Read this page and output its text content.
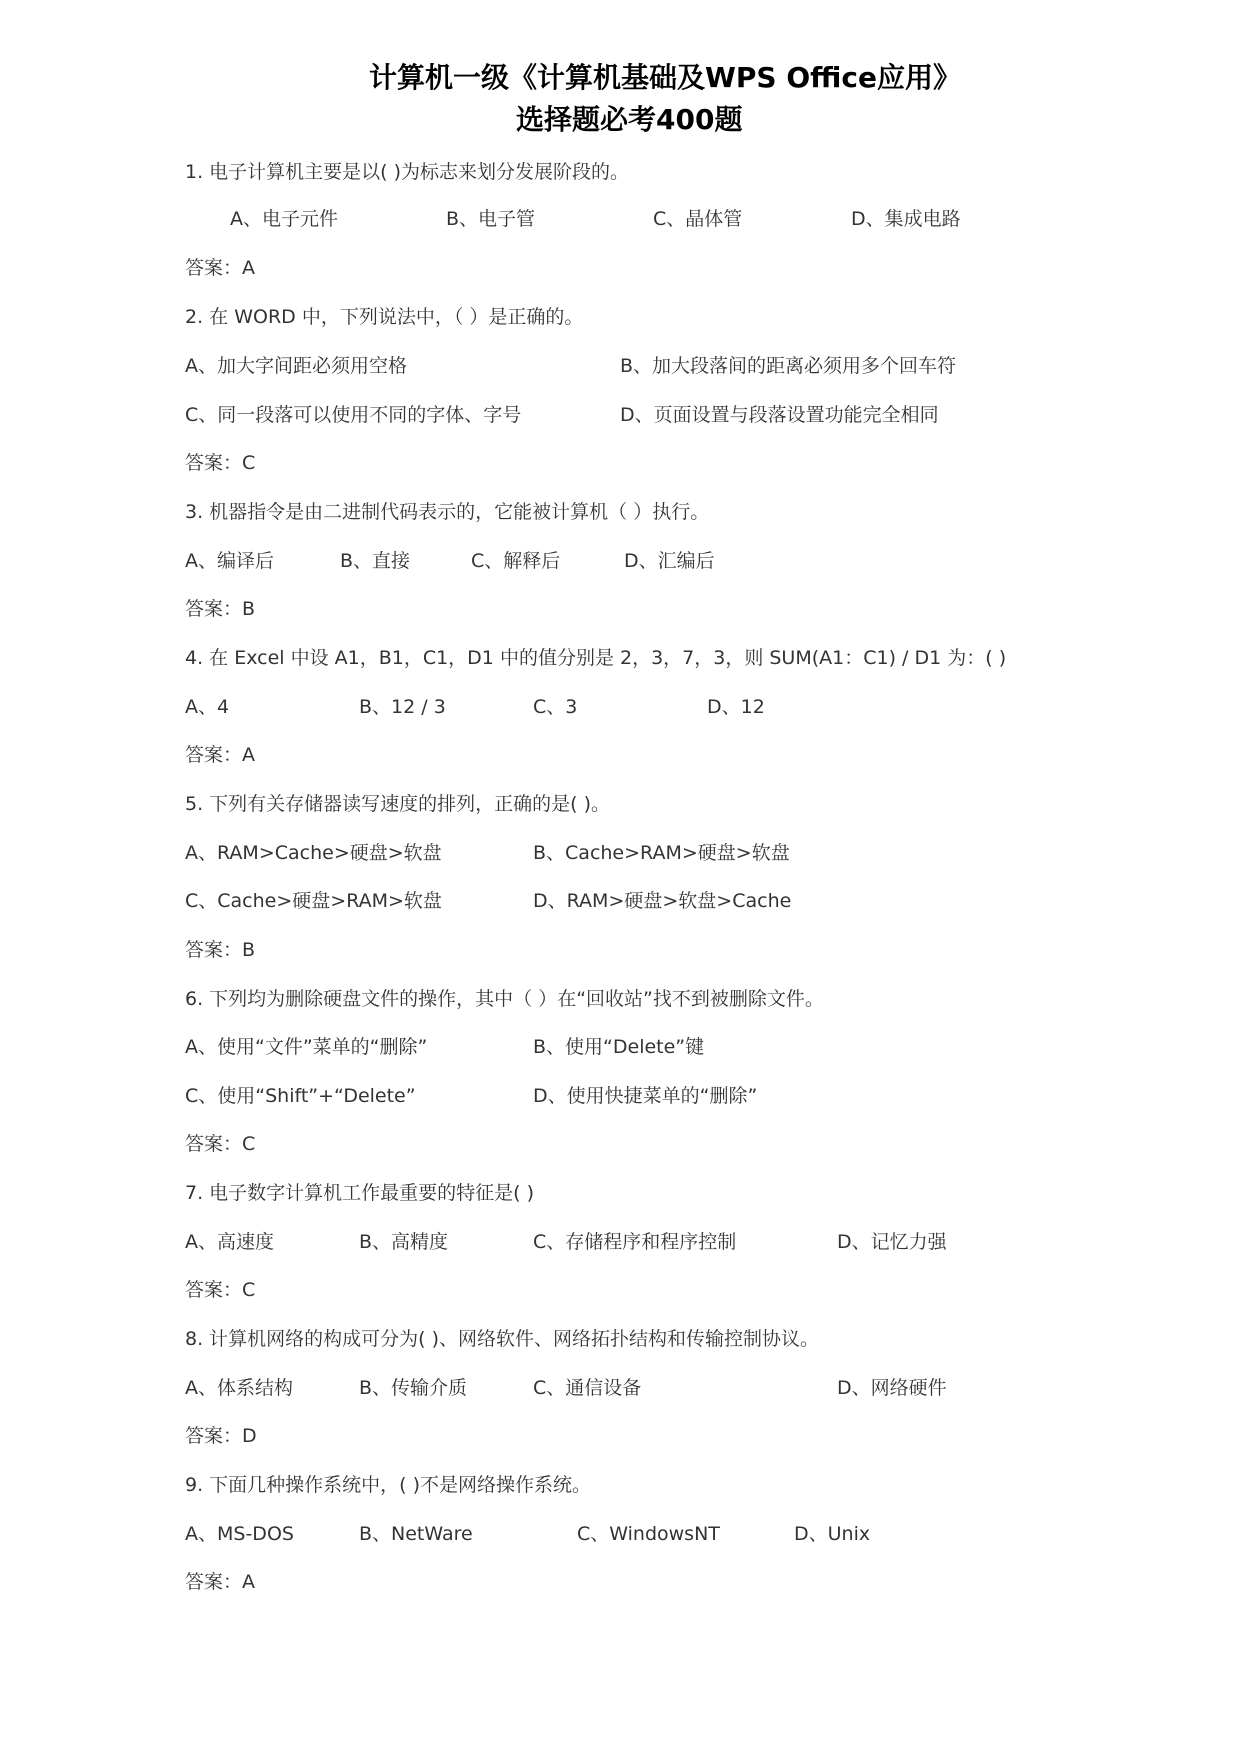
计算机一级《计算机基础及WPS Office应用》
选择题必考400题
1. 电子计算机主要是以( )为标志来划分发展阶段的。
A、电子元件	B、电子管	C、晶体管	D、集成电路
答案：A
2. 在 WORD 中，下列说法中，（ ）是正确的。
A、加大字间距必须用空格	B、加大段落间的距离必须用多个回车符
C、同一段落可以使用不同的字体、字号	D、页面设置与段落设置功能完全相同
答案：C
3. 机器指令是由二进制代码表示的，它能被计算机（ ）执行。
A、编译后	B、直接	C、解释后	D、汇编后
答案：B
4. 在 Excel 中设 A1，B1，C1，D1 中的值分别是 2，3，7，3，则 SUM(A1：C1) / D1 为：( )
A、4	B、12 / 3	C、3	D、12
答案：A
5. 下列有关存储器读写速度的排列，正确的是( )。
A、RAM>Cache>硬盘>软盘	B、Cache>RAM>硬盘>软盘
C、Cache>硬盘>RAM>软盘	D、RAM>硬盘>软盘>Cache
答案：B
6. 下列均为删除硬盘文件的操作，其中（ ）在“回收站”找不到被删除文件。
A、使用“文件”菜单的“删除”	B、使用“Delete”键
C、使用“Shift”+“Delete”	D、使用快捷菜单的“删除”
答案：C
7. 电子数字计算机工作最重要的特征是( )
A、高速度	B、高精度	C、存储程序和程序控制	D、记忆力强
答案：C
8. 计算机网络的构成可分为( )、网络软件、网络拓扑结构和传输控制协议。
A、体系结构	B、传输介质	C、通信设备	D、网络硬件
答案：D
9. 下面几种操作系统中，( )不是网络操作系统。
A、MS-DOS	B、NetWare	C、WindowsNT	D、Unix
答案：A
